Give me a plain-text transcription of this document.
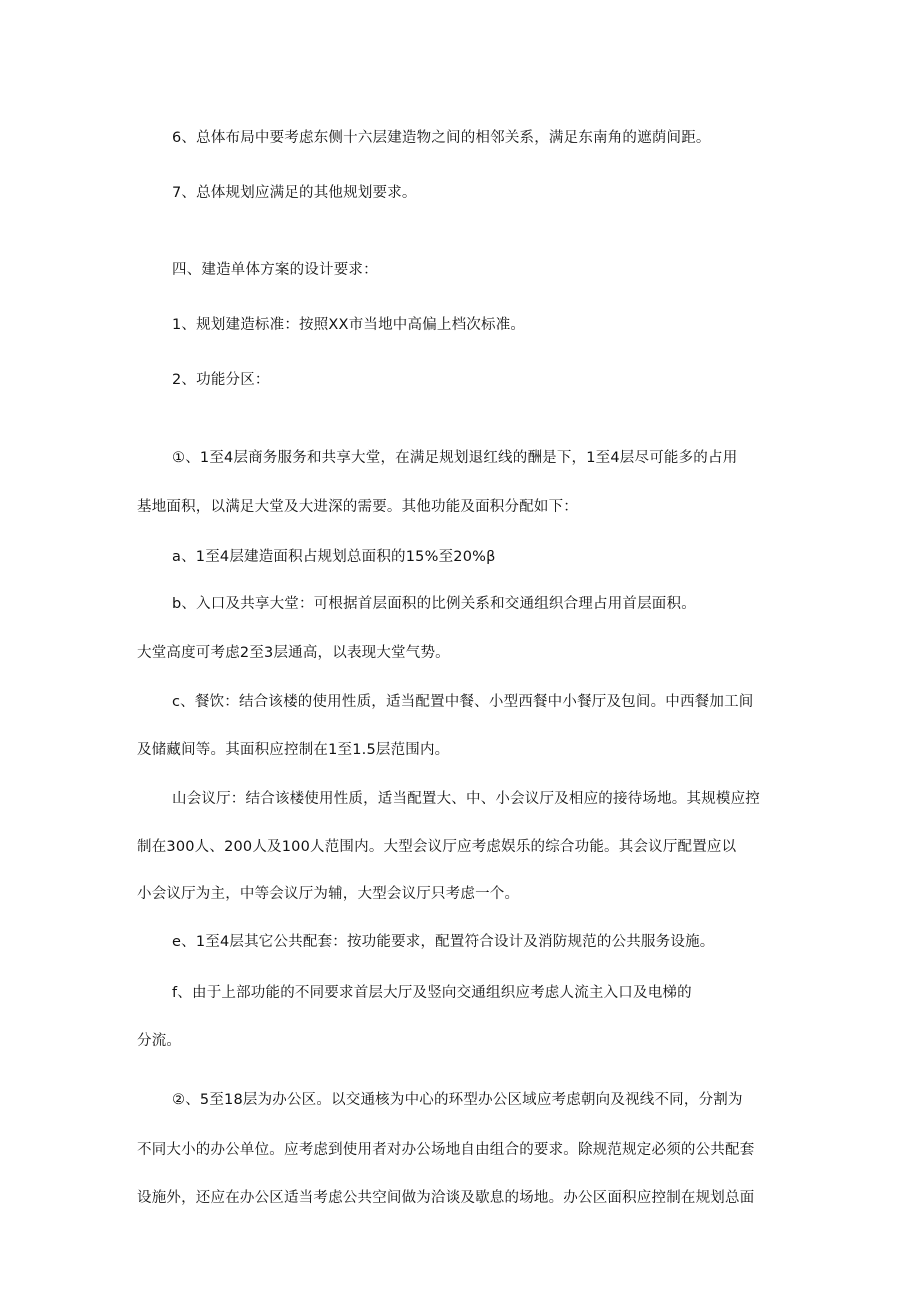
6、总体布局中要考虑东侧十六层建造物之间的相邻关系，满足东南角的遮荫间距。
7、总体规划应满足的其他规划要求。
四、建造单体方案的设计要求：
1、规划建造标准：按照XX市当地中高偏上档次标准。
2、功能分区：
①、1至4层商务服务和共享大堂，在满足规划退红线的酬是下，1至4层尽可能多的占用
基地面积，以满足大堂及大进深的需要。其他功能及面积分配如下：
a、1至4层建造面积占规划总面积的15%至20%β
b、入口及共享大堂：可根据首层面积的比例关系和交通组织合理占用首层面积。
大堂高度可考虑2至3层通高，以表现大堂气势。
c、餐饮：结合该楼的使用性质，适当配置中餐、小型西餐中小餐厅及包间。中西餐加工间
及储藏间等。其面积应控制在1至1.5层范围内。
山会议厅：结合该楼使用性质，适当配置大、中、小会议厅及相应的接待场地。其规模应控
制在300人、200人及100人范围内。大型会议厅应考虑娱乐的综合功能。其会议厅配置应以
小会议厅为主，中等会议厅为辅，大型会议厅只考虑一个。
e、1至4层其它公共配套：按功能要求，配置符合设计及消防规范的公共服务设施。
f、由于上部功能的不同要求首层大厅及竖向交通组织应考虑人流主入口及电梯的
分流。
②、5至18层为办公区。以交通核为中心的环型办公区域应考虑朝向及视线不同，分割为
不同大小的办公单位。应考虑到使用者对办公场地自由组合的要求。除规范规定必须的公共配套
设施外，还应在办公区适当考虑公共空间做为洽谈及歇息的场地。办公区面积应控制在规划总面
